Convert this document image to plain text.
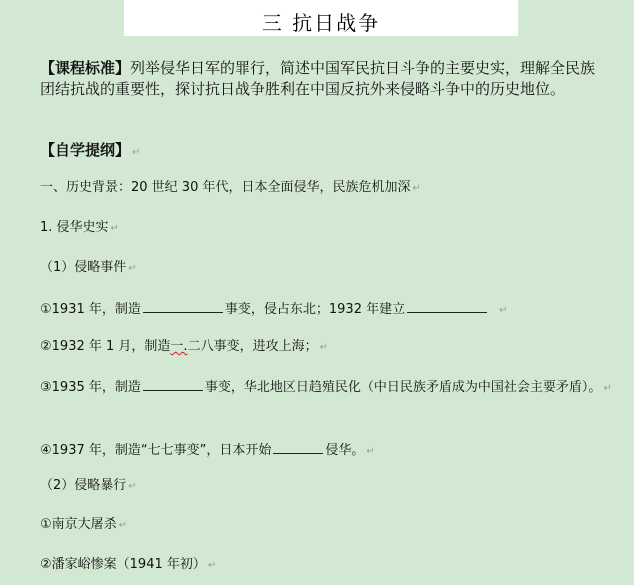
三 抗日战争
【课程标准】列举侵华日军的罪行，简述中国军民抗日斗争的主要史实，理解全民族团结抗战的重要性，探讨抗日战争胜利在中国反抗外来侵略斗争中的历史地位。
【自学提纲】 ↵
一、历史背景：20 世纪 30 年代，日本全面侵华，民族危机加深 ↵
1. 侵华史实 ↵
（1）侵略事件 ↵
①1931 年，制造	事变，侵占东北；1932 年建立	↵
②1932 年 1 月，制造一.二八事变，进攻上海； ↵
③1935 年，制造	事变，华北地区日趋殖民化（中日民族矛盾成为中国社会主要矛盾）。 ↵
④1937 年，制造“七七事变”，日本开始	侵华。 ↵
（2）侵略暴行 ↵
①南京大屠杀 ↵
②潘家峪惨案（1941 年初） ↵
